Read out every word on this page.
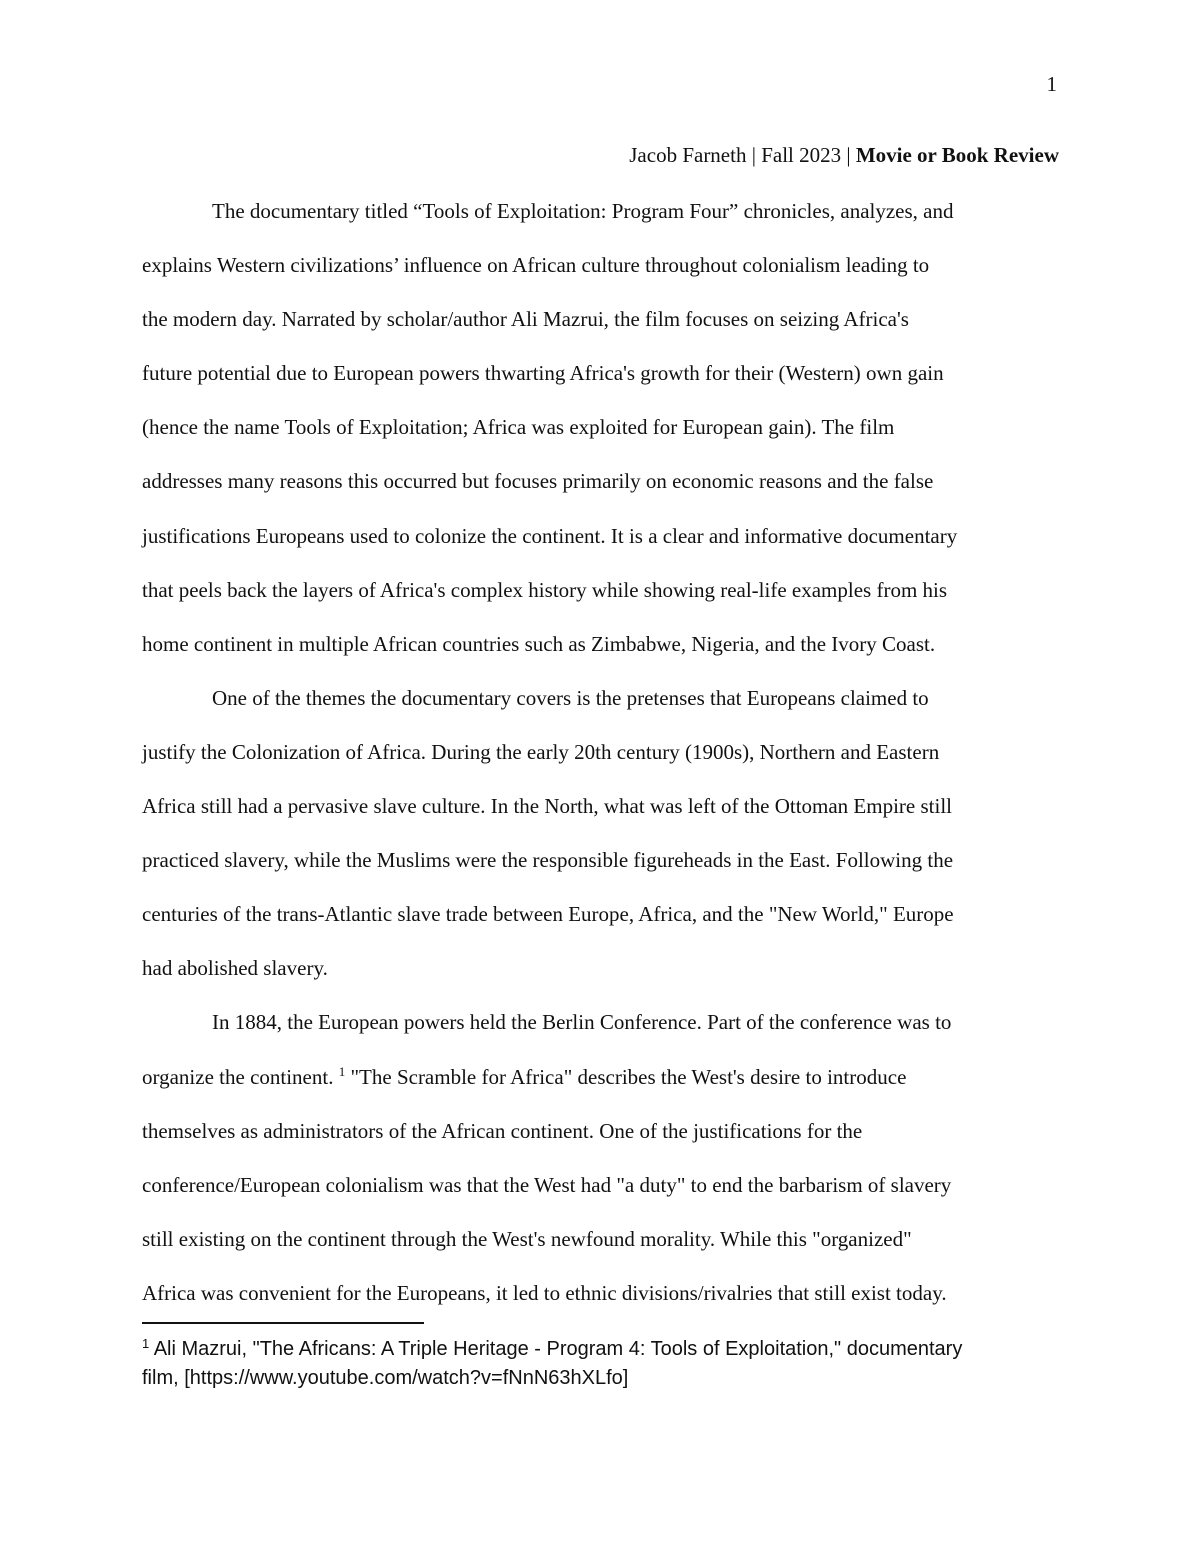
1
Jacob Farneth | Fall 2023 | Movie or Book Review
The documentary titled “Tools of Exploitation: Program Four” chronicles, analyzes, and
explains Western civilizations’ influence on African culture throughout colonialism leading to
the modern day. Narrated by scholar/author Ali Mazrui, the film focuses on seizing Africa's
future potential due to European powers thwarting Africa's growth for their (Western) own gain
(hence the name Tools of Exploitation; Africa was exploited for European gain). The film
addresses many reasons this occurred but focuses primarily on economic reasons and the false
justifications Europeans used to colonize the continent. It is a clear and informative documentary
that peels back the layers of Africa's complex history while showing real-life examples from his
home continent in multiple African countries such as Zimbabwe, Nigeria, and the Ivory Coast.
One of the themes the documentary covers is the pretenses that Europeans claimed to
justify the Colonization of Africa. During the early 20th century (1900s), Northern and Eastern
Africa still had a pervasive slave culture. In the North, what was left of the Ottoman Empire still
practiced slavery, while the Muslims were the responsible figureheads in the East. Following the
centuries of the trans-Atlantic slave trade between Europe, Africa, and the "New World," Europe
had abolished slavery.
In 1884, the European powers held the Berlin Conference. Part of the conference was to
organize the continent. $^1$ "The Scramble for Africa" describes the West's desire to introduce
themselves as administrators of the African continent. One of the justifications for the
conference/European colonialism was that the West had "a duty" to end the barbarism of slavery
still existing on the continent through the West's newfound morality. While this "organized"
Africa was convenient for the Europeans, it led to ethnic divisions/rivalries that still exist today.
$^1$ Ali Mazrui, "The Africans: A Triple Heritage - Program 4: Tools of Exploitation," documentary
film, [https://www.youtube.com/watch?v=fNnN63hXLfo]
